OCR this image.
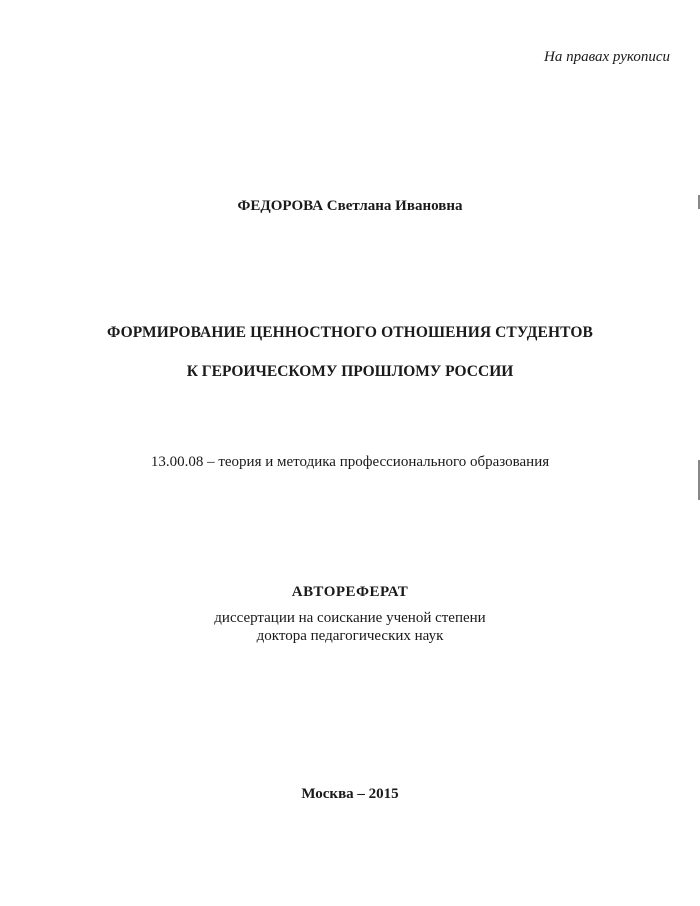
На правах рукописи
ФЕДОРОВА Светлана Ивановна
ФОРМИРОВАНИЕ ЦЕННОСТНОГО ОТНОШЕНИЯ СТУДЕНТОВ
К ГЕРОИЧЕСКОМУ ПРОШЛОМУ РОССИИ
13.00.08 – теория и методика профессионального образования
АВТОРЕФЕРАТ
диссертации на соискание ученой степени
доктора педагогических наук
Москва – 2015
